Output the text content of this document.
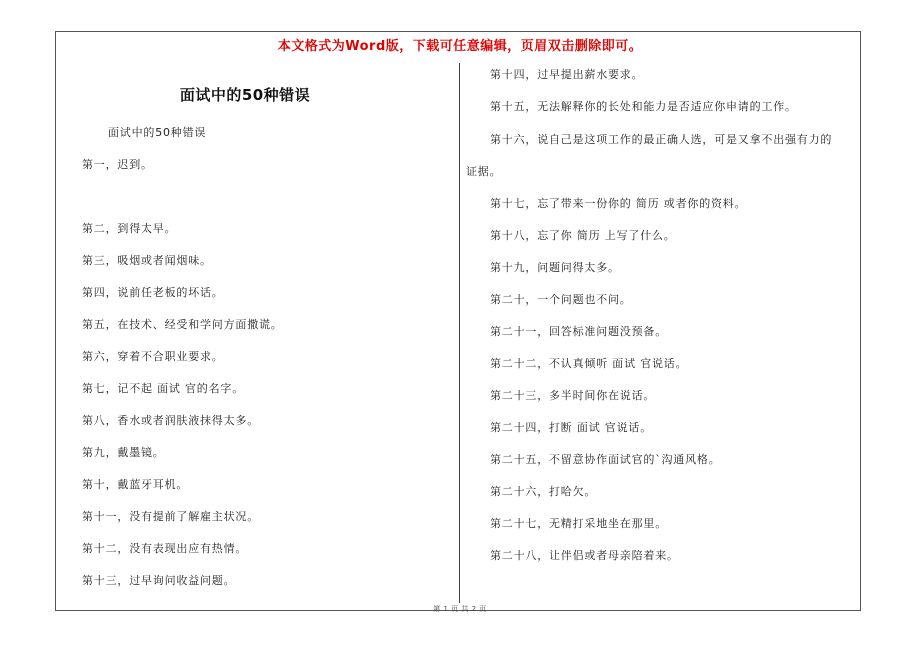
本文格式为Word版，下载可任意编辑，页眉双击删除即可。
面试中的50种错误
面试中的50种错误
第一，迟到。
第二，到得太早。
第三，吸烟或者闻烟味。
第四，说前任老板的坏话。
第五，在技术、经受和学问方面撒谎。
第六，穿着不合职业要求。
第七，记不起 面试 官的名字。
第八，香水或者润肤液抹得太多。
第九，戴墨镜。
第十，戴蓝牙耳机。
第十一，没有提前了解雇主状况。
第十二，没有表现出应有热情。
第十三，过早询问收益问题。
第十四，过早提出薪水要求。
第十五，无法解释你的长处和能力是否适应你申请的工作。
第十六，说自己是这项工作的最正确人选，可是又拿不出强有力的
证据。
第十七，忘了带来一份你的 简历 或者你的资料。
第十八，忘了你 简历 上写了什么。
第十九，问题问得太多。
第二十，一个问题也不问。
第二十一，回答标准问题没预备。
第二十二，不认真倾听 面试 官说话。
第二十三，多半时间你在说话。
第二十四，打断 面试 官说话。
第二十五，不留意协作面试官的`沟通风格。
第二十六，打哈欠。
第二十七，无精打采地坐在那里。
第二十八，让伴侣或者母亲陪着来。
第 1 页 共 2 页
